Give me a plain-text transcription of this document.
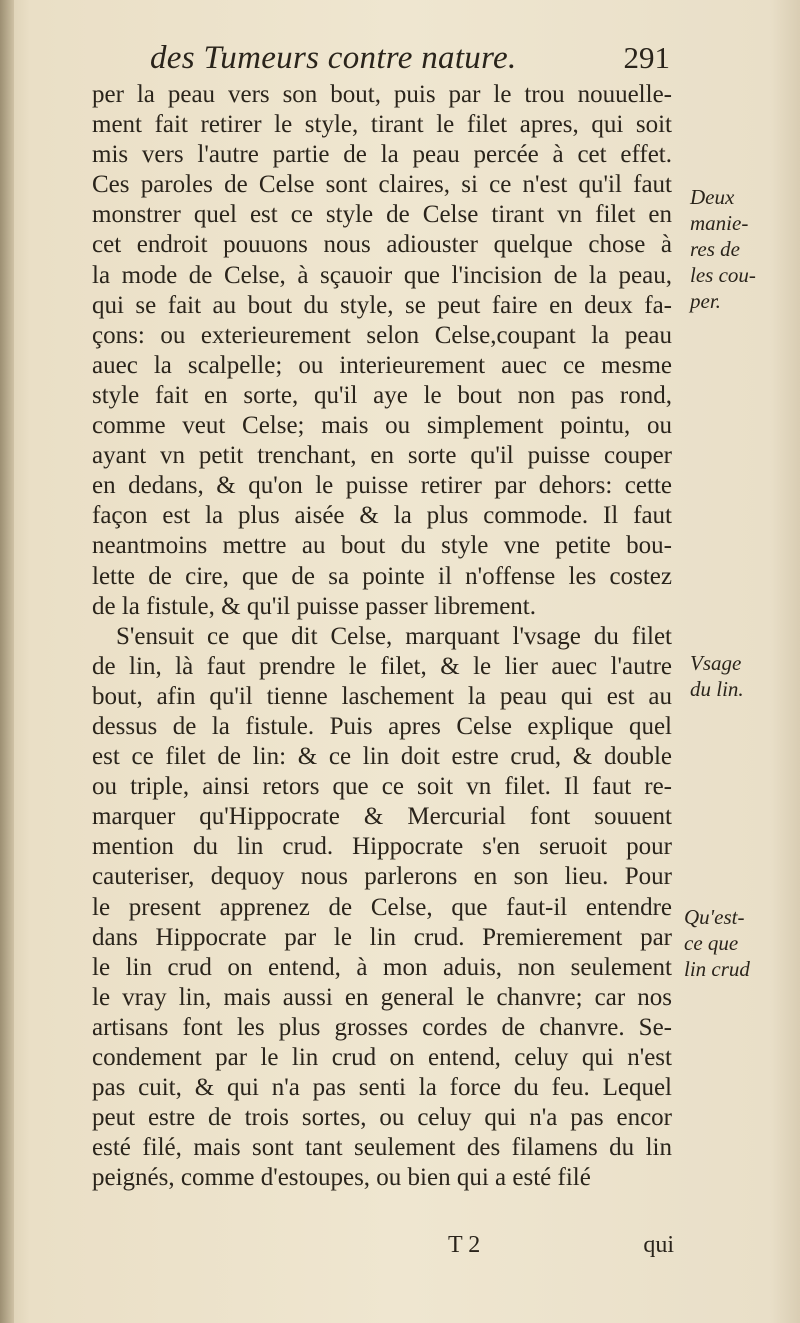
des Tumeurs contre nature.	291
per la peau vers son bout, puis par le trou nouuelle-
ment fait retirer le style, tirant le filet apres, qui soit
mis vers l'autre partie de la peau percée à cet effet.
Ces paroles de Celse sont claires, si ce n'est qu'il faut
monstrer quel est ce style de Celse tirant vn filet en
cet endroit pouuons nous adiouster quelque chose à
la mode de Celse, à sçauoir que l'incision de la peau,
qui se fait au bout du style, se peut faire en deux fa-
çons: ou exterieurement selon Celse,coupant la peau
auec la scalpelle; ou interieurement auec ce mesme
style fait en sorte, qu'il aye le bout non pas rond,
comme veut Celse; mais ou simplement pointu, ou
ayant vn petit trenchant, en sorte qu'il puisse couper
en dedans, & qu'on le puisse retirer par dehors: cette
façon est la plus aisée & la plus commode. Il faut
neantmoins mettre au bout du style vne petite bou-
lette de cire, que de sa pointe il n'offense les costez
de la fistule, & qu'il puisse passer librement.
S'ensuit ce que dit Celse, marquant l'vsage du filet
de lin, là faut prendre le filet, & le lier auec l'autre
bout, afin qu'il tienne laschement la peau qui est au
dessus de la fistule. Puis apres Celse explique quel
est ce filet de lin: & ce lin doit estre crud, & double
ou triple, ainsi retors que ce soit vn filet. Il faut re-
marquer qu'Hippocrate & Mercurial font souuent
mention du lin crud. Hippocrate s'en seruoit pour
cauteriser, dequoy nous parlerons en son lieu. Pour
le present apprenez de Celse, que faut-il entendre
dans Hippocrate par le lin crud. Premierement par
le lin crud on entend, à mon aduis, non seulement
le vray lin, mais aussi en general le chanvre; car nos
artisans font les plus grosses cordes de chanvre. Se-
condement par le lin crud on entend, celuy qui n'est
pas cuit, & qui n'a pas senti la force du feu. Lequel
peut estre de trois sortes, ou celuy qui n'a pas encor
esté filé, mais sont tant seulement des filamens du lin
peignés, comme d'estoupes, ou bien qui a esté filé
Deux
manie-
res de
les cou-
per.
Vsage
du lin.
Qu'est-
ce que
lin crud
T 2	qui
